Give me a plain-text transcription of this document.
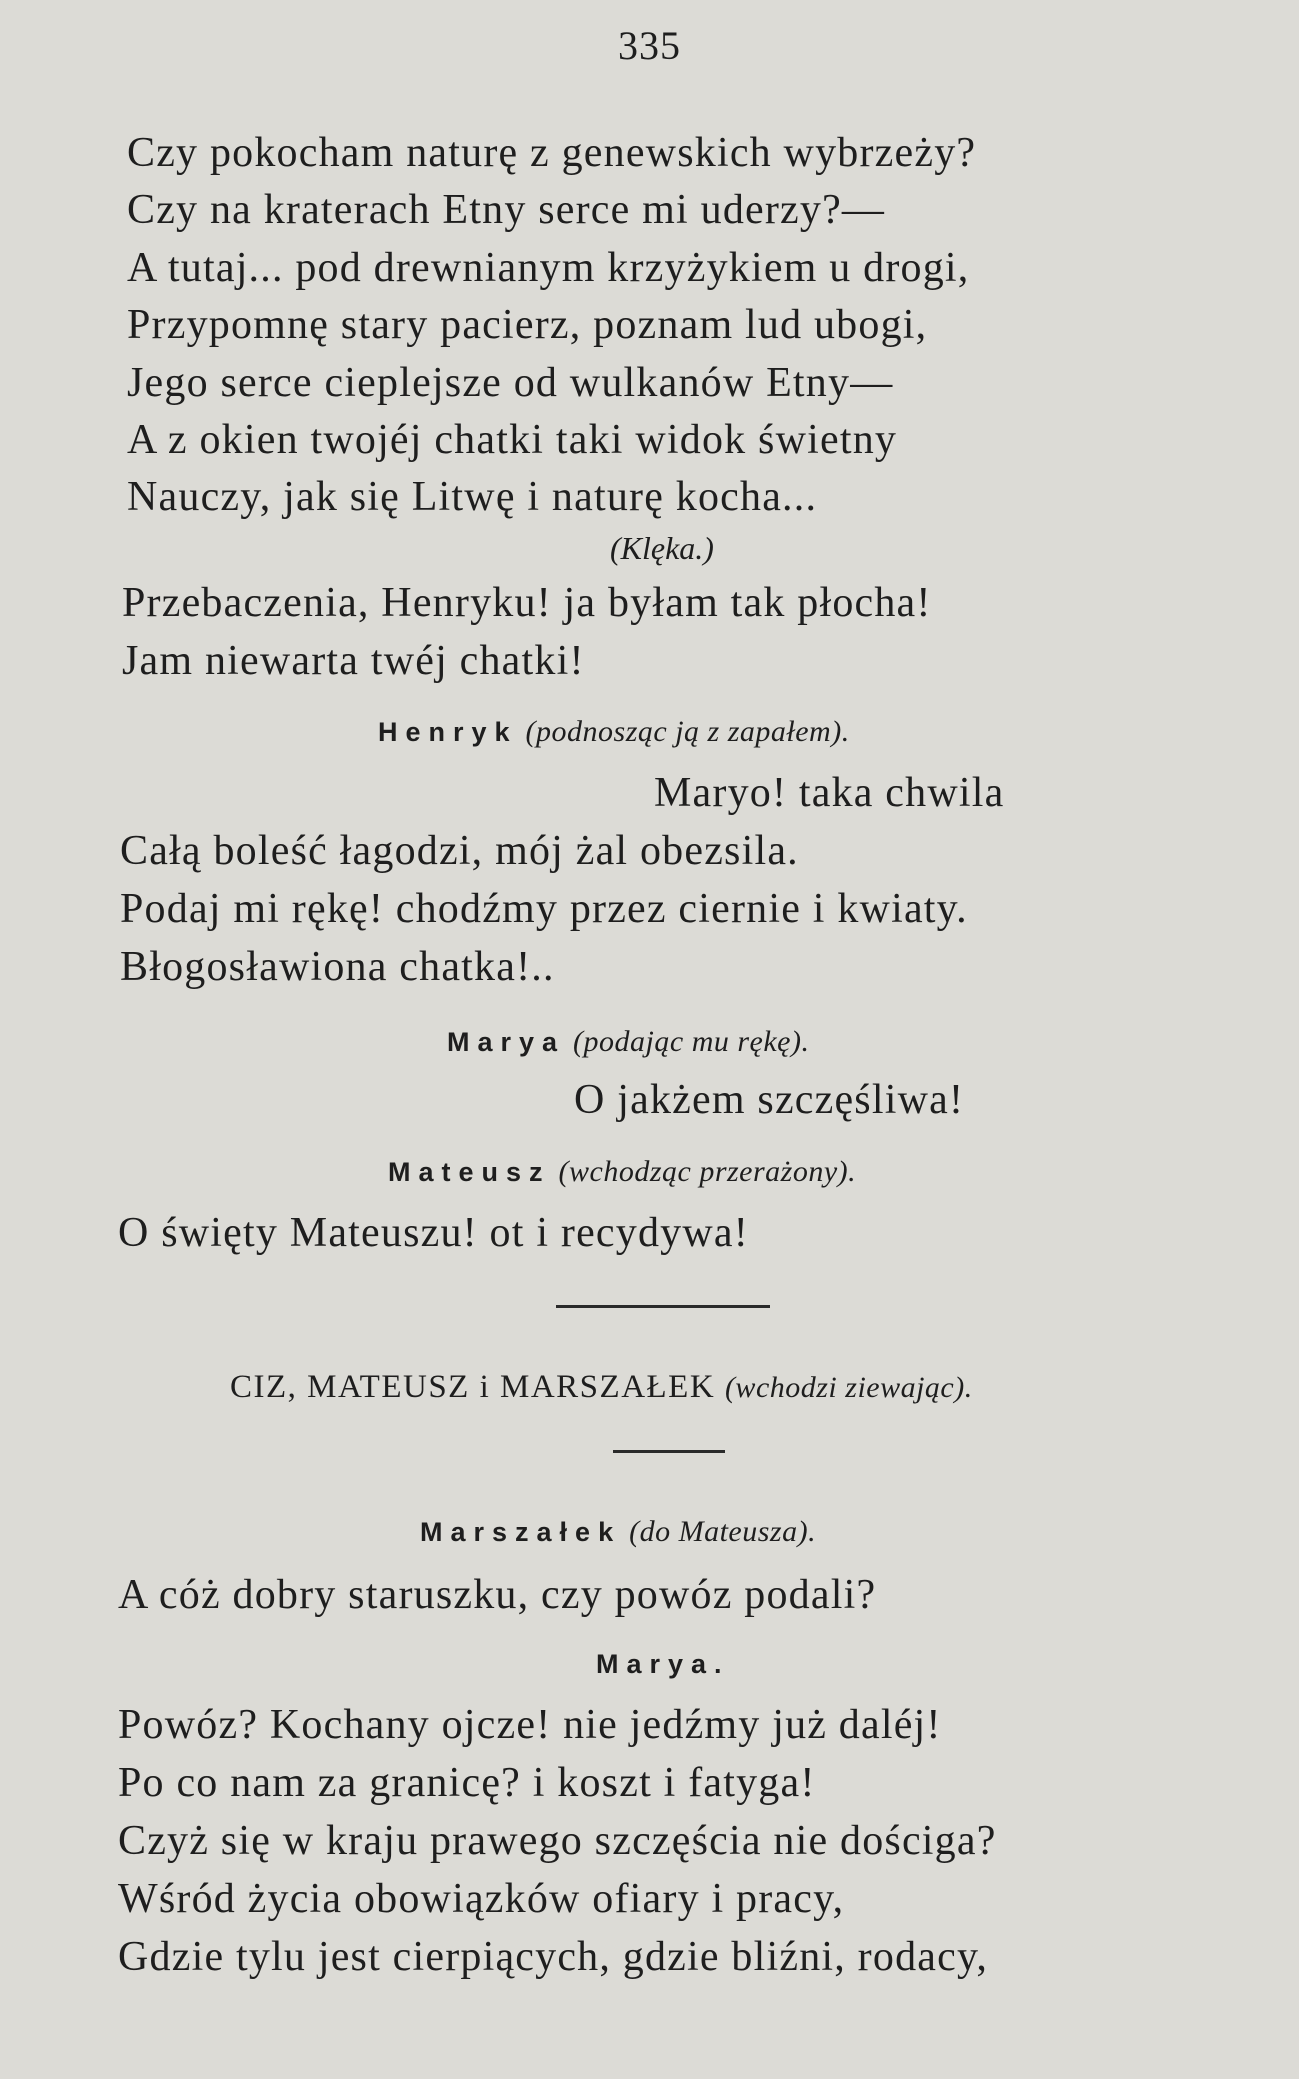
335
Czy pokocham naturę z genewskich wybrzeży?
Czy na kraterach Etny serce mi uderzy?—
A tutaj... pod drewnianym krzyżykiem u drogi,
Przypomnę stary pacierz, poznam lud ubogi,
Jego serce cieplejsze od wulkanów Etny—
A z okien twojéj chatki taki widok świetny
Nauczy, jak się Litwę i naturę kocha...
(Klęka.)
Przebaczenia, Henryku! ja byłam tak płocha!
Jam niewarta twéj chatki!
Henryk (podnosząc ją z zapałem).
Maryo! taka chwila
Całą boleść łagodzi, mój żal obezsila.
Podaj mi rękę! chodźmy przez ciernie i kwiaty.
Błogosławiona chatka!..
Marya (podając mu rękę).
O jakżem szczęśliwa!
Mateusz (wchodząc przerażony).
O święty Mateuszu! ot i recydywa!
CIZ, MATEUSZ i MARSZAŁEK (wchodzi ziewając).
Marszałek (do Mateusza).
A cóż dobry staruszku, czy powóz podali?
Marya.
Powóz? Kochany ojcze! nie jedźmy już daléj!
Po co nam za granicę? i koszt i fatyga!
Czyż się w kraju prawego szczęścia nie dościga?
Wśród życia obowiązków ofiary i pracy,
Gdzie tylu jest cierpiących, gdzie bliźni, rodacy,
